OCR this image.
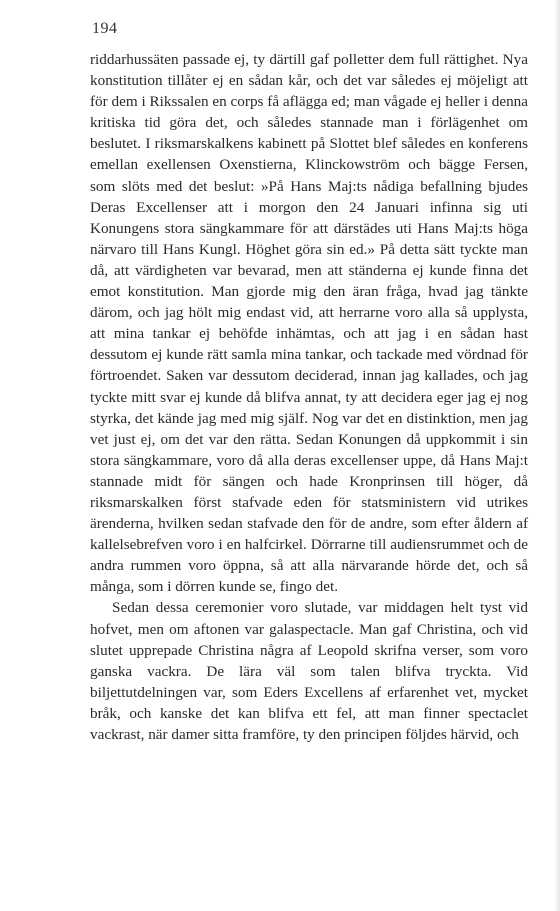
194

riddarhussäten passade ej, ty därtill gaf polletter dem full rättighet. Nya konstitution tillåter ej en sådan kår, och det var således ej möjeligt att för dem i Rikssalen en corps få aflägga ed; man vågade ej heller i denna kritiska tid göra det, och således stannade man i förlägenhet om beslutet. I riksmarskalkens kabinett på Slottet blef således en konferens emellan exellensen Oxenstierna, Klinckowström och bägge Fersen, som slöts med det beslut: »På Hans Maj:ts nådiga befallning bjudes Deras Excellenser att i morgon den 24 Januari infinna sig uti Konungens stora sängkammare för att därstädes uti Hans Maj:ts höga närvaro till Hans Kungl. Höghet göra sin ed.» På detta sätt tyckte man då, att värdigheten var bevarad, men att ständerna ej kunde finna det emot konstitution. Man gjorde mig den äran fråga, hvad jag tänkte därom, och jag hölt mig endast vid, att herrarne voro alla så upplysta, att mina tankar ej behöfde inhämtas, och att jag i en sådan hast dessutom ej kunde rätt samla mina tankar, och tackade med vördnad för förtroendet. Saken var dessutom deciderad, innan jag kallades, och jag tyckte mitt svar ej kunde då blifva annat, ty att decidera eger jag ej nog styrka, det kände jag med mig själf. Nog var det en distinktion, men jag vet just ej, om det var den rätta. Sedan Konungen då uppkommit i sin stora sängkammare, voro då alla deras excellenser uppe, då Hans Maj:t stannade midt för sängen och hade Kronprinsen till höger, då riksmarskalken först stafvade eden för statsministern vid utrikes ärenderna, hvilken sedan stafvade den för de andre, som efter åldern af kallelsebrefven voro i en halfcirkel. Dörrarne till audiensrummet och de andra rummen voro öppna, så att alla närvarande hörde det, och så många, som i dörren kunde se, fingo det.

Sedan dessa ceremonier voro slutade, var middagen helt tyst vid hofvet, men om aftonen var galaspectacle. Man gaf Christina, och vid slutet upprepade Christina några af Leopold skrifna verser, som voro ganska vackra. De lära väl som talen blifva tryckta. Vid biljettutdelningen var, som Eders Excellens af erfarenhet vet, mycket bråk, och kanske det kan blifva ett fel, att man finner spectaclet vackrast, när damer sitta framföre, ty den principen följdes härvid, och
